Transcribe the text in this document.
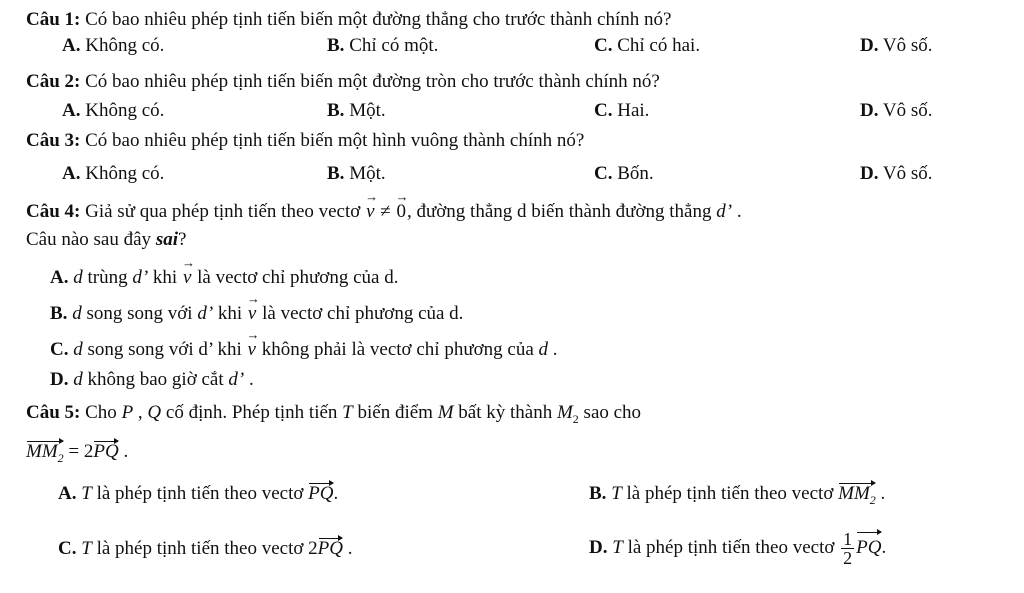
Câu 1: Có bao nhiêu phép tịnh tiến biến một đường thẳng cho trước thành chính nó?
A. Không có.	B. Chỉ có một.	C. Chỉ có hai.	D. Vô số.
Câu 2: Có bao nhiêu phép tịnh tiến biến một đường tròn cho trước thành chính nó?
A. Không có.	B. Một.	C. Hai.	D. Vô số.
Câu 3: Có bao nhiêu phép tịnh tiến biến một hình vuông thành chính nó?
A. Không có.	B. Một.	C. Bốn.	D. Vô số.
Câu 4: Giả sử qua phép tịnh tiến theo vectơ v → ≠ 0 →, đường thẳng d biến thành đường thẳng d’ .
Câu nào sau đây sai?
A. d trùng d’ khi v → là vectơ chỉ phương của d.
B. d song song với d’ khi v → là vectơ chỉ phương của d.
C. d song song với d’ khi v → không phải là vectơ chỉ phương của d .
D. d không bao giờ cắt d’ .
Câu 5: Cho P , Q cố định. Phép tịnh tiến T biến điểm M bất kỳ thành $M_2$ sao cho
$MM_2 = 2PQ$ .
A. T là phép tịnh tiến theo vectơ PQ.	B. T là phép tịnh tiến theo vectơ $MM_2$ .
C. T là phép tịnh tiến theo vectơ 2PQ .	D. T là phép tịnh tiến theo vectơ $\frac{1}{2}$ PQ.
